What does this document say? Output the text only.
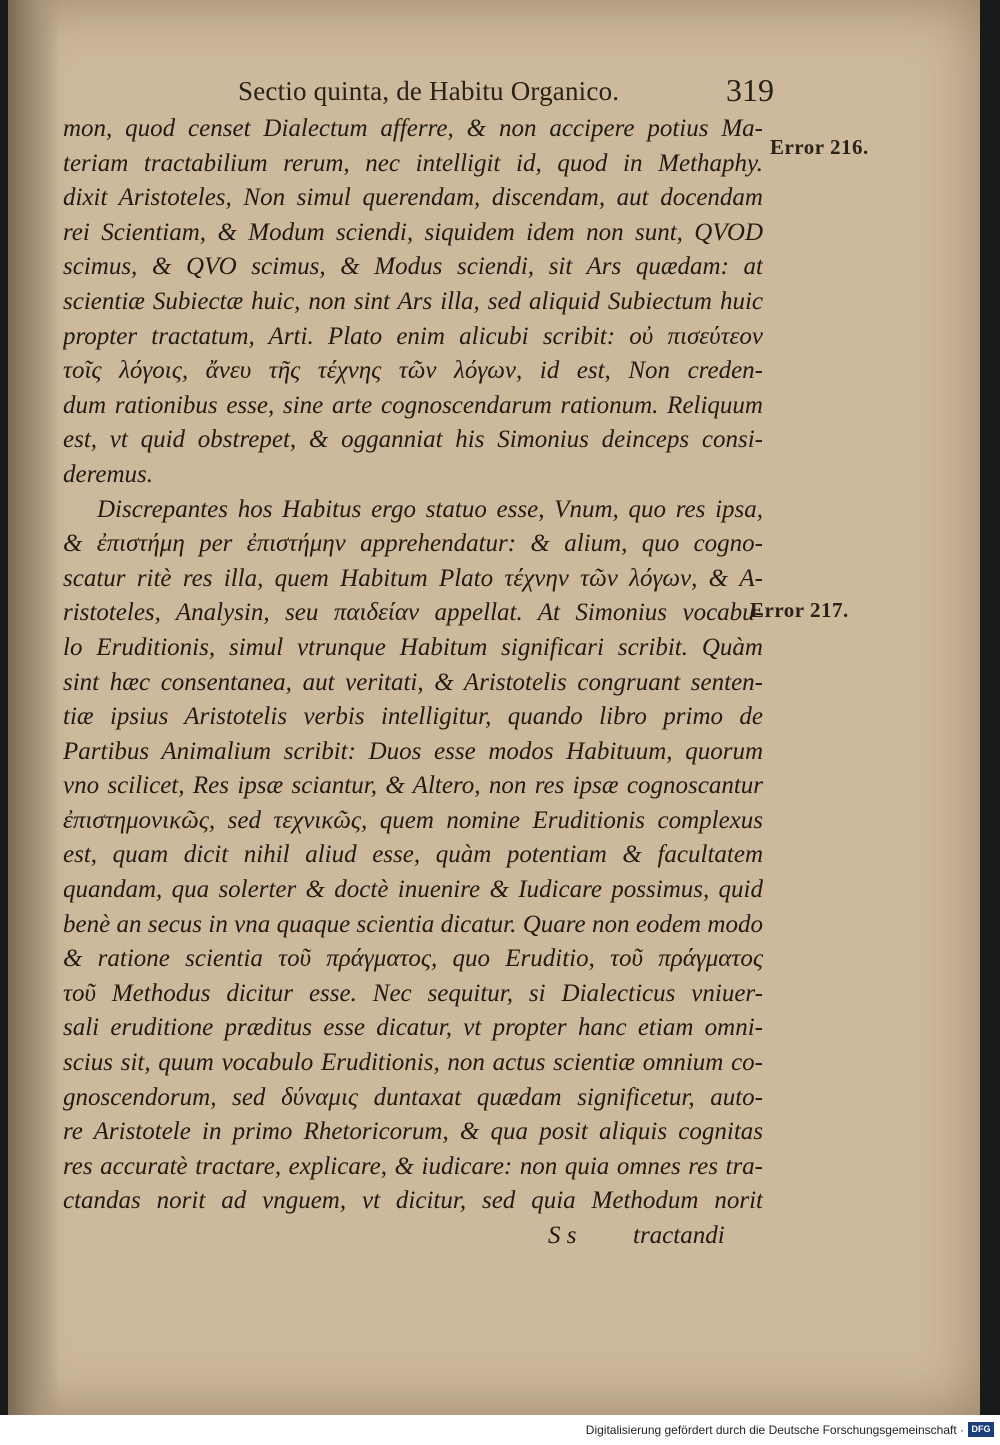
Sectio quinta, de Habitu Organico.	319
Error 216.
Error 217.
mon, quod censet Dialectum afferre, & non accipere potius Ma-
teriam tractabilium rerum, nec intelligit id, quod in Methaphy.
dixit Aristoteles, Non simul querendam, discendam, aut docendam
rei Scientiam, & Modum sciendi, siquidem idem non sunt, QVOD
scimus, & QVO scimus, & Modus sciendi, sit Ars quædam: at
scientiæ Subiectæ huic, non sint Ars illa, sed aliquid Subiectum huic
propter tractatum, Arti. Plato enim alicubi scribit: οὐ πισεύτεον
τοῖς λόγοις, ἄνευ τῆς τέχνης τῶν λόγων, id est, Non creden-
dum rationibus esse, sine arte cognoscendarum rationum. Reliquum
est, vt quid obstrepet, & ogganniat his Simonius deinceps consi-
deremus.
Discrepantes hos Habitus ergo statuo esse, Vnum, quo res ipsa,
& ἐπιστήμη per ἐπιστήμην apprehendatur: & alium, quo cogno-
scatur ritè res illa, quem Habitum Plato τέχνην τῶν λόγων, & A-
ristoteles, Analysin, seu παιδείαν appellat. At Simonius vocabu-
lo Eruditionis, simul vtrunque Habitum significari scribit. Quàm
sint hæc consentanea, aut veritati, & Aristotelis congruant senten-
tiæ ipsius Aristotelis verbis intelligitur, quando libro primo de
Partibus Animalium scribit: Duos esse modos Habituum, quorum
vno scilicet, Res ipsæ sciantur, & Altero, non res ipsæ cognoscantur
ἐπιστημονικῶς, sed τεχνικῶς, quem nomine Eruditionis complexus
est, quam dicit nihil aliud esse, quàm potentiam & facultatem
quandam, qua solerter & doctè inuenire & Iudicare possimus, quid
benè an secus in vna quaque scientia dicatur. Quare non eodem modo
& ratione scientia τοῦ πράγματος, quo Eruditio, τοῦ πράγματος
τοῦ Methodus dicitur esse. Nec sequitur, si Dialecticus vniuer-
sali eruditione præditus esse dicatur, vt propter hanc etiam omni-
scius sit, quum vocabulo Eruditionis, non actus scientiæ omnium co-
gnoscendorum, sed δύναμις duntaxat quædam significetur, auto-
re Aristotele in primo Rhetoricorum, & qua posit aliquis cognitas
res accuratè tractare, explicare, & iudicare: non quia omnes res tra-
ctandas norit ad vnguem, vt dicitur, sed quia Methodum norit
S s tractandi
Digitalisierung gefördert durch die Deutsche Forschungsgemeinschaft · DFG
